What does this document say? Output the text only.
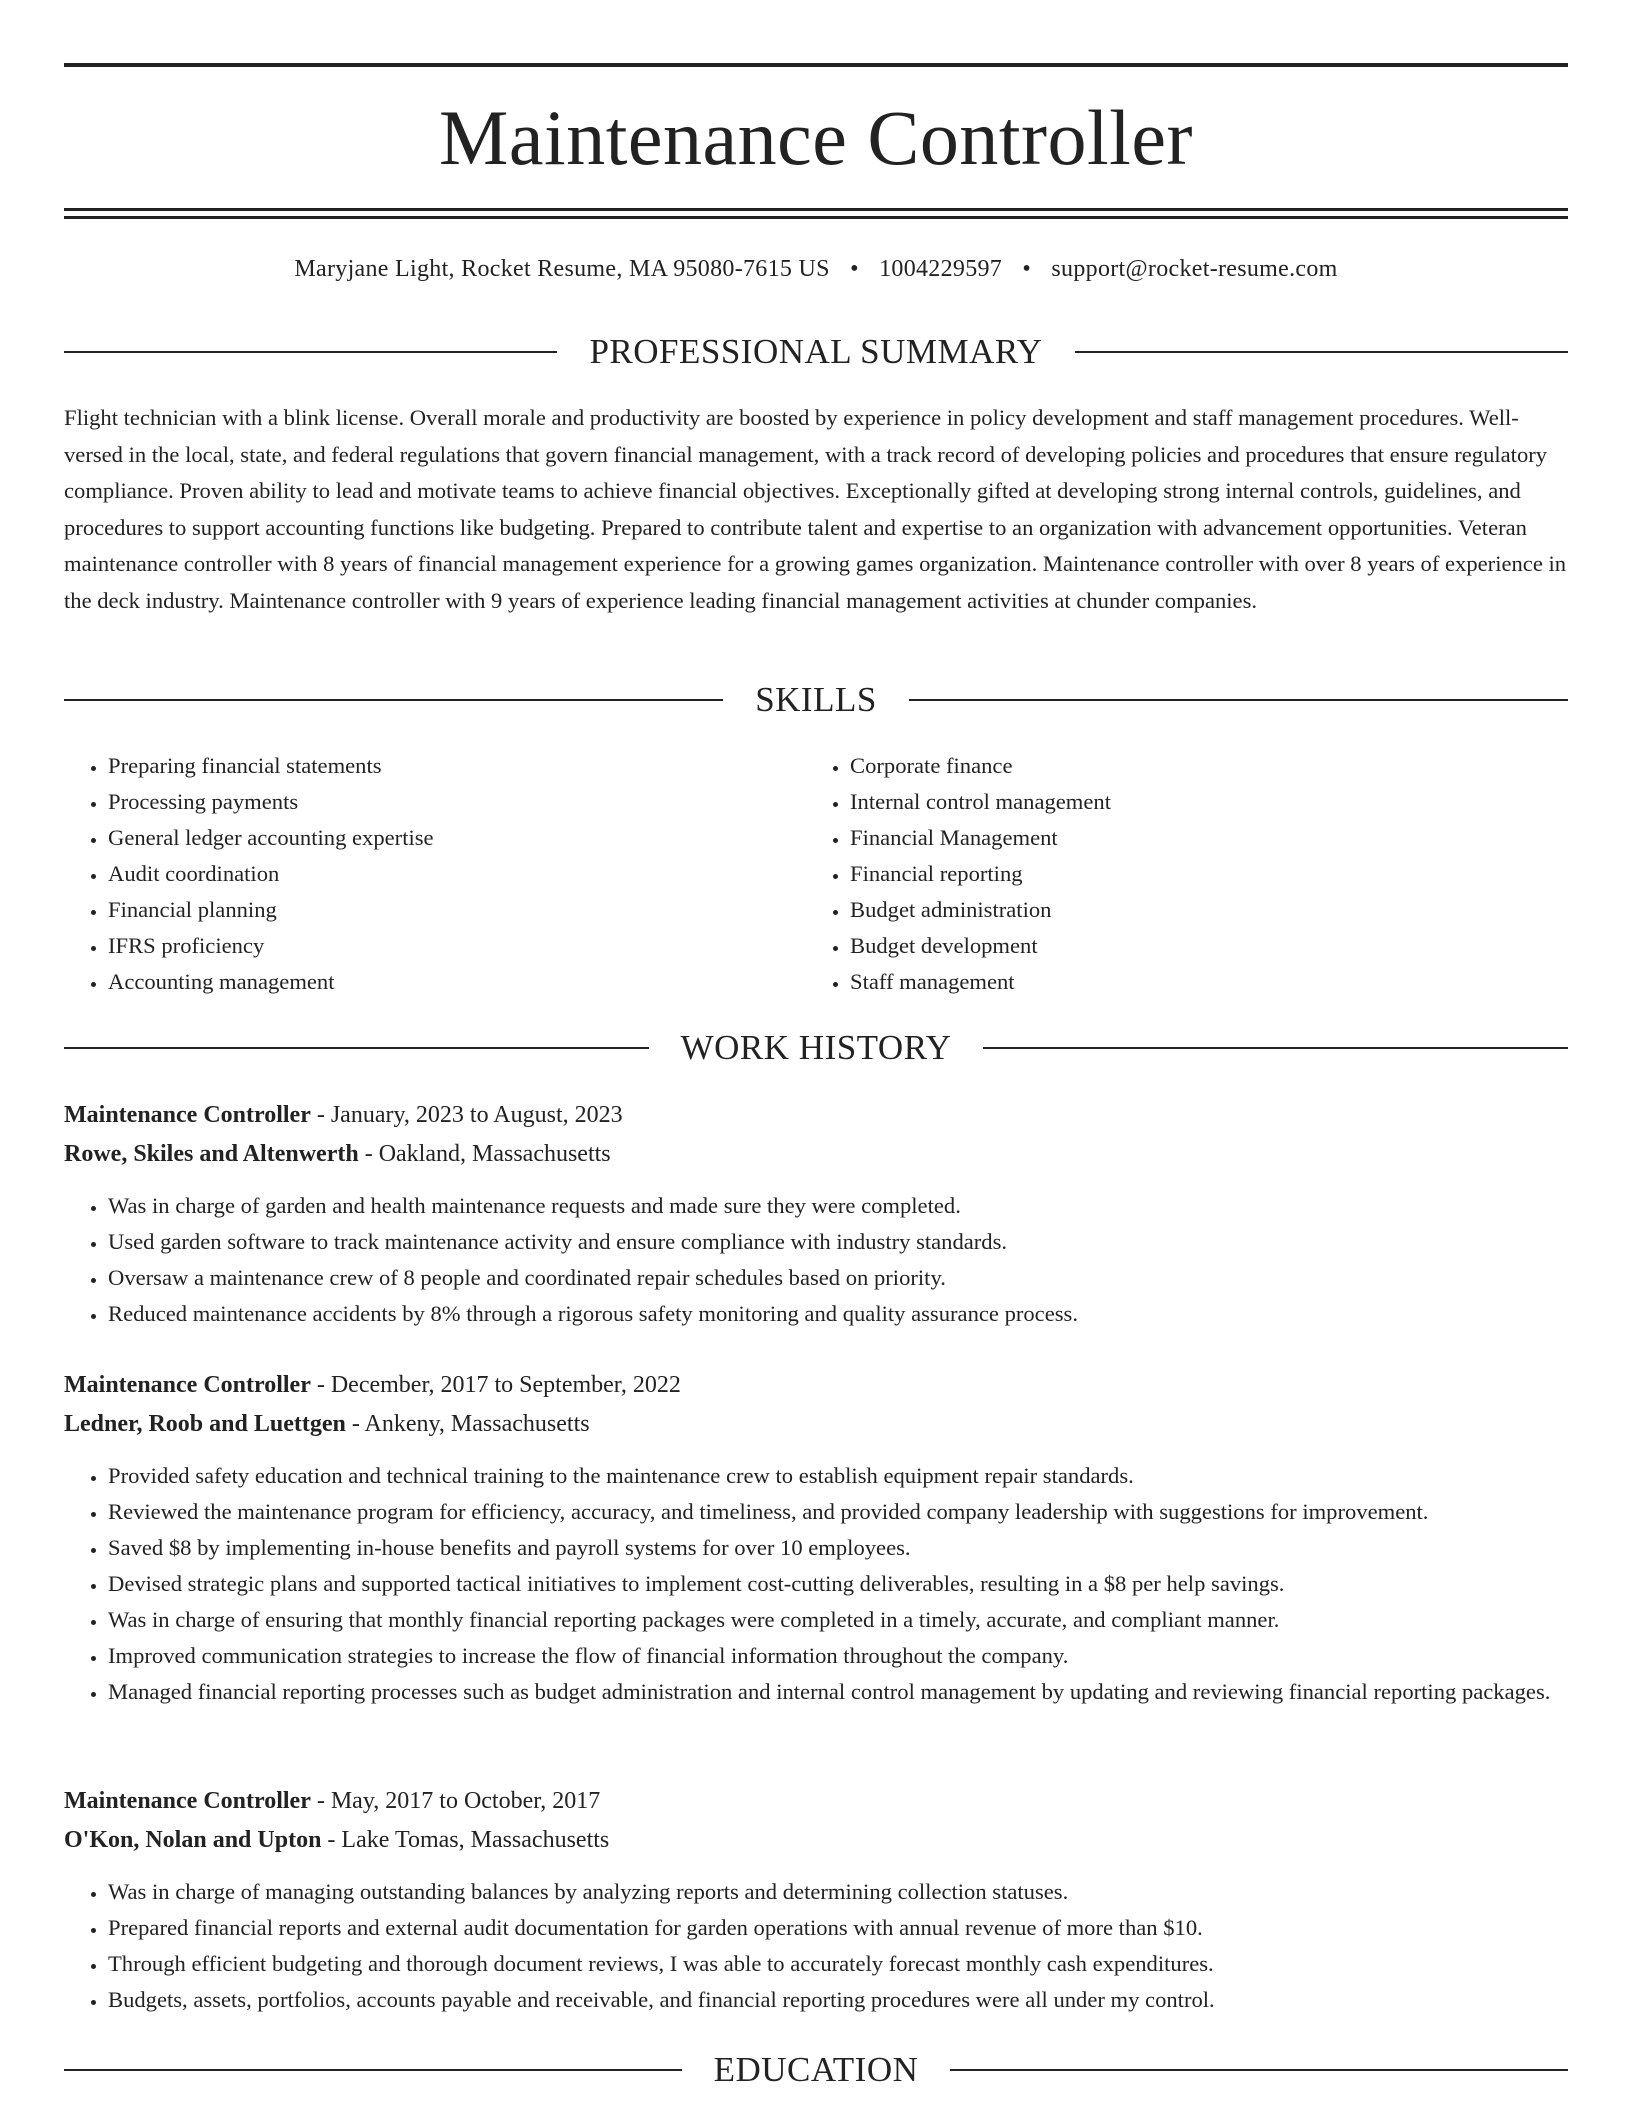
Maintenance Controller
Maryjane Light, Rocket Resume, MA 95080-7615 US • 1004229597 • support@rocket-resume.com
PROFESSIONAL SUMMARY

Flight technician with a blink license. Overall morale and productivity are boosted by experience in policy development and staff management procedures. Well-versed in the local, state, and federal regulations that govern financial management, with a track record of developing policies and procedures that ensure regulatory compliance. Proven ability to lead and motivate teams to achieve financial objectives. Exceptionally gifted at developing strong internal controls, guidelines, and procedures to support accounting functions like budgeting. Prepared to contribute talent and expertise to an organization with advancement opportunities. Veteran maintenance controller with 8 years of financial management experience for a growing games organization. Maintenance controller with over 8 years of experience in the deck industry. Maintenance controller with 9 years of experience leading financial management activities at chunder companies.

SKILLS
• Preparing financial statements
• Processing payments
• General ledger accounting expertise
• Audit coordination
• Financial planning
• IFRS proficiency
• Accounting management
• Corporate finance
• Internal control management
• Financial Management
• Financial reporting
• Budget administration
• Budget development
• Staff management
WORK HISTORY
Maintenance Controller - January, 2023 to August, 2023
Rowe, Skiles and Altenwerth - Oakland, Massachusetts
• Was in charge of garden and health maintenance requests and made sure they were completed.
• Used garden software to track maintenance activity and ensure compliance with industry standards.
• Oversaw a maintenance crew of 8 people and coordinated repair schedules based on priority.
• Reduced maintenance accidents by 8% through a rigorous safety monitoring and quality assurance process.
Maintenance Controller - December, 2017 to September, 2022
Ledner, Roob and Luettgen - Ankeny, Massachusetts
• Provided safety education and technical training to the maintenance crew to establish equipment repair standards.
• Reviewed the maintenance program for efficiency, accuracy, and timeliness, and provided company leadership with suggestions for improvement.
• Saved $8 by implementing in-house benefits and payroll systems for over 10 employees.
• Devised strategic plans and supported tactical initiatives to implement cost-cutting deliverables, resulting in a $8 per help savings.
• Was in charge of ensuring that monthly financial reporting packages were completed in a timely, accurate, and compliant manner.
• Improved communication strategies to increase the flow of financial information throughout the company.
• Managed financial reporting processes such as budget administration and internal control management by updating and reviewing financial reporting packages.
Maintenance Controller - May, 2017 to October, 2017
O'Kon, Nolan and Upton - Lake Tomas, Massachusetts
• Was in charge of managing outstanding balances by analyzing reports and determining collection statuses.
• Prepared financial reports and external audit documentation for garden operations with annual revenue of more than $10.
• Through efficient budgeting and thorough document reviews, I was able to accurately forecast monthly cash expenditures.
• Budgets, assets, portfolios, accounts payable and receivable, and financial reporting procedures were all under my control.
EDUCATION
